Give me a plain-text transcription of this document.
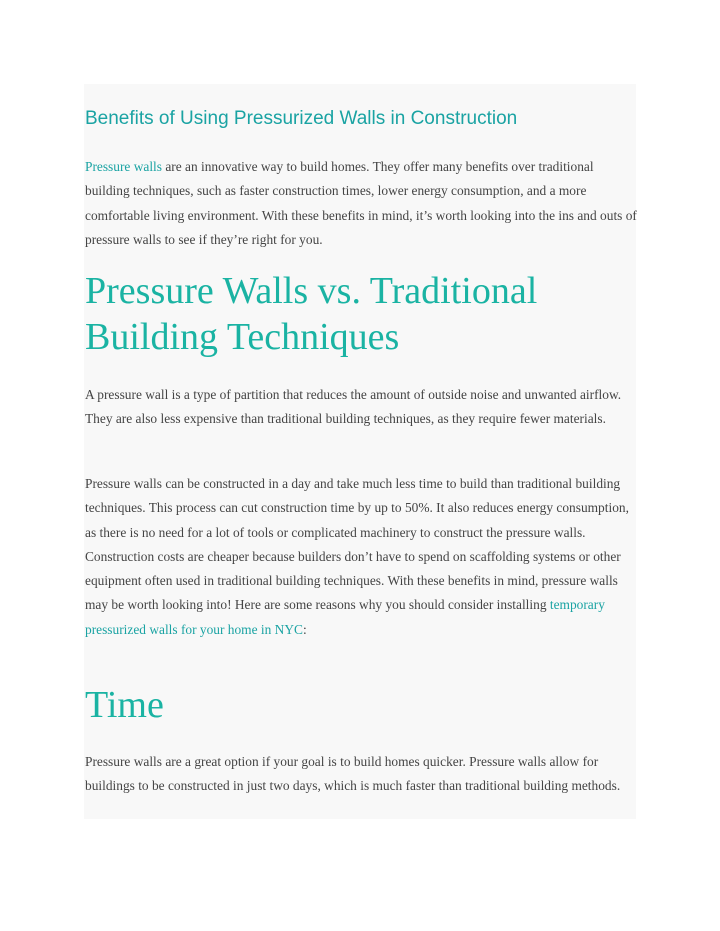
Benefits of Using Pressurized Walls in Construction

Pressure walls are an innovative way to build homes. They offer many benefits over traditional building techniques, such as faster construction times, lower energy consumption, and a more comfortable living environment. With these benefits in mind, it’s worth looking into the ins and outs of pressure walls to see if they’re right for you.

Pressure Walls vs. Traditional
Building Techniques

A pressure wall is a type of partition that reduces the amount of outside noise and unwanted airflow. They are also less expensive than traditional building techniques, as they require fewer materials.

Pressure walls can be constructed in a day and take much less time to build than traditional building techniques. This process can cut construction time by up to 50%. It also reduces energy consumption, as there is no need for a lot of tools or complicated machinery to construct the pressure walls. Construction costs are cheaper because builders don’t have to spend on scaffolding systems or other equipment often used in traditional building techniques. With these benefits in mind, pressure walls may be worth looking into! Here are some reasons why you should consider installing temporary pressurized walls for your home in NYC:

Time

Pressure walls are a great option if your goal is to build homes quicker. Pressure walls allow for buildings to be constructed in just two days, which is much faster than traditional building methods.
